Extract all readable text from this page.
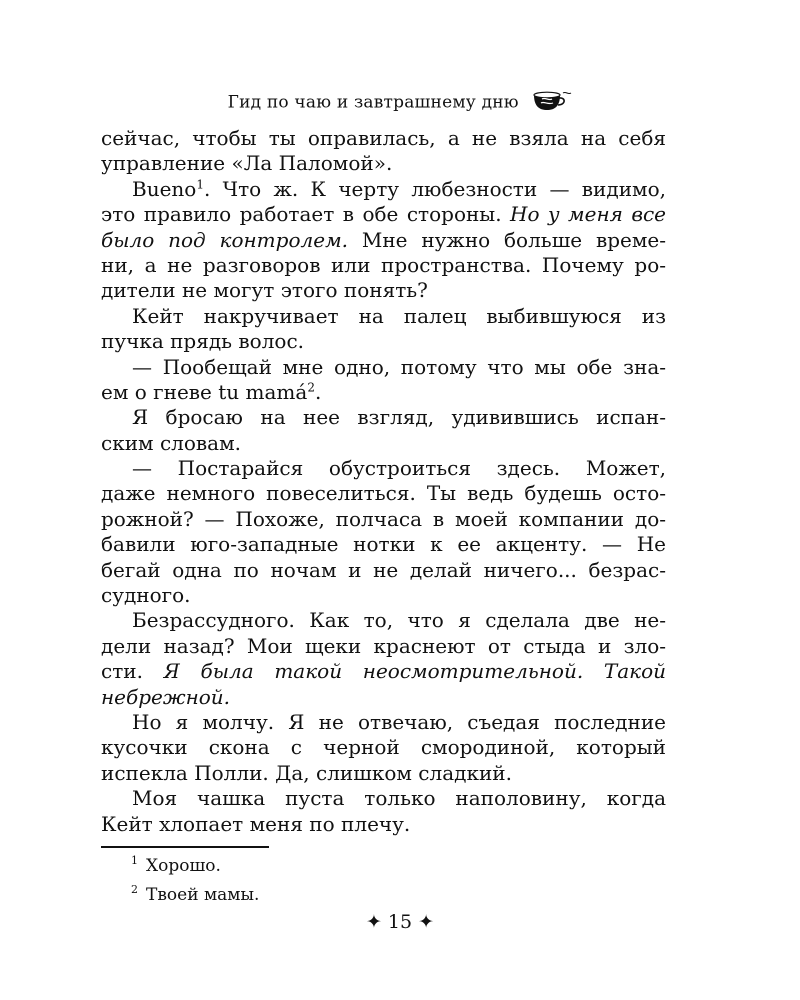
Гид по чаю и завтрашнему дню
сейчас, чтобы ты оправилась, а не взяла на себя
управление «Ла Паломой».
Bueno$^1$. Что ж. К черту любезности — видимо,
это правило работает в обе стороны. Но у меня все
было под контролем. Мне нужно больше време-
ни, а не разговоров или пространства. Почему ро-
дители не могут этого понять?
Кейт накручивает на палец выбившуюся из
пучка прядь волос.
— Пообещай мне одно, потому что мы обе зна-
ем о гневе tu mamá$^2$.
Я бросаю на нее взгляд, удивившись испан-
ским словам.
— Постарайся обустроиться здесь. Может,
даже немного повеселиться. Ты ведь будешь осто-
рожной? — Похоже, полчаса в моей компании до-
бавили юго-западные нотки к ее акценту. — Не
бегай одна по ночам и не делай ничего... безрас-
судного.
Безрассудного. Как то, что я сделала две не-
дели назад? Мои щеки краснеют от стыда и зло-
сти. Я была такой неосмотрительной. Такой
небрежной.
Но я молчу. Я не отвечаю, съедая последние
кусочки скона с черной смородиной, который
испекла Полли. Да, слишком сладкий.
Моя чашка пуста только наполовину, когда
Кейт хлопает меня по плечу.
$^1$ Хорошо.
$^2$ Твоей мамы.
✦ 15 ✦
